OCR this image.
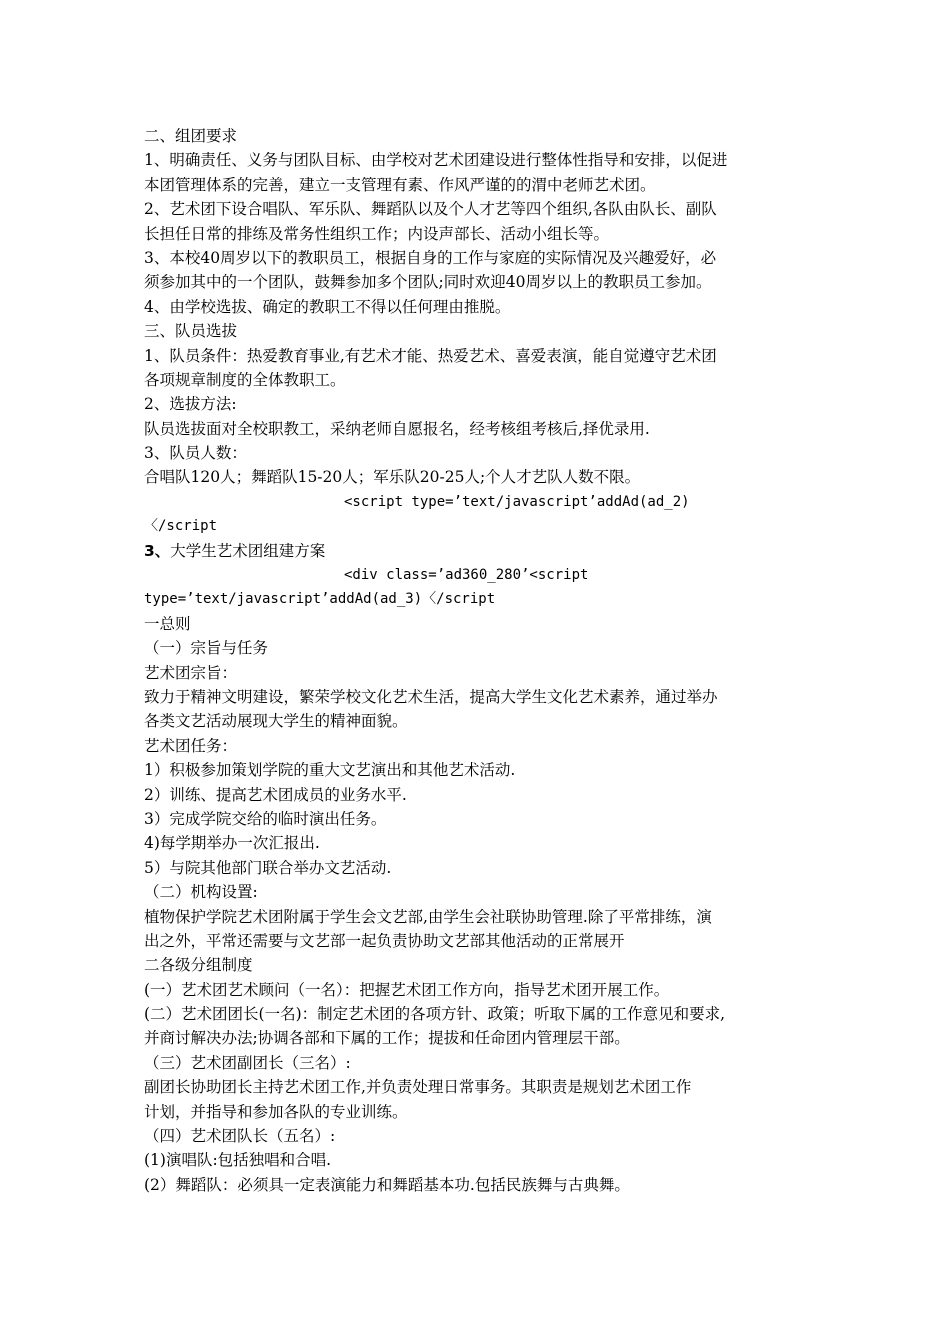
二、组团要求
1、明确责任、义务与团队目标、由学校对艺术团建设进行整体性指导和安排，以促进
本团管理体系的完善，建立一支管理有素、作风严谨的的渭中老师艺术团。
2、艺术团下设合唱队、军乐队、舞蹈队以及个人才艺等四个组织,各队由队长、副队
长担任日常的排练及常务性组织工作；内设声部长、活动小组长等。
3、本校40周岁以下的教职员工，根据自身的工作与家庭的实际情况及兴趣爱好，必
须参加其中的一个团队，鼓舞参加多个团队;同时欢迎40周岁以上的教职员工参加。
4、由学校选拔、确定的教职工不得以任何理由推脱。
三、队员选拔
1、队员条件：热爱教育事业,有艺术才能、热爱艺术、喜爱表演，能自觉遵守艺术团
各项规章制度的全体教职工。
2、选拔方法:
队员选拔面对全校职教工，采纳老师自愿报名，经考核组考核后,择优录用.
3、队员人数：
合唱队120人；舞蹈队15-20人；军乐队20-25人;个人才艺队人数不限。
<script type=’text/javascript’addAd(ad_2)
〈/script
3、大学生艺术团组建方案
<div class=’ad360_280’<script
type=’text/javascript’addAd(ad_3)〈/script
一总则
（一）宗旨与任务
艺术团宗旨：
致力于精神文明建设，繁荣学校文化艺术生活，提高大学生文化艺术素养，通过举办
各类文艺活动展现大学生的精神面貌。
艺术团任务：
1）积极参加策划学院的重大文艺演出和其他艺术活动.
2）训练、提高艺术团成员的业务水平.
3）完成学院交给的临时演出任务。
4)每学期举办一次汇报出.
5）与院其他部门联合举办文艺活动.
（二）机构设置:
植物保护学院艺术团附属于学生会文艺部,由学生会社联协助管理.除了平常排练，演
出之外，平常还需要与文艺部一起负责协助文艺部其他活动的正常展开
二各级分组制度
(一）艺术团艺术顾问（一名）：把握艺术团工作方向，指导艺术团开展工作。
(二）艺术团团长(一名)：制定艺术团的各项方针、政策；听取下属的工作意见和要求,
并商讨解决办法;协调各部和下属的工作；提拔和任命团内管理层干部。
（三）艺术团副团长（三名）:
副团长协助团长主持艺术团工作,并负责处理日常事务。其职责是规划艺术团工作
计划，并指导和参加各队的专业训练。
（四）艺术团队长（五名）:
(1)演唱队:包括独唱和合唱.
(2）舞蹈队：必须具一定表演能力和舞蹈基本功.包括民族舞与古典舞。
